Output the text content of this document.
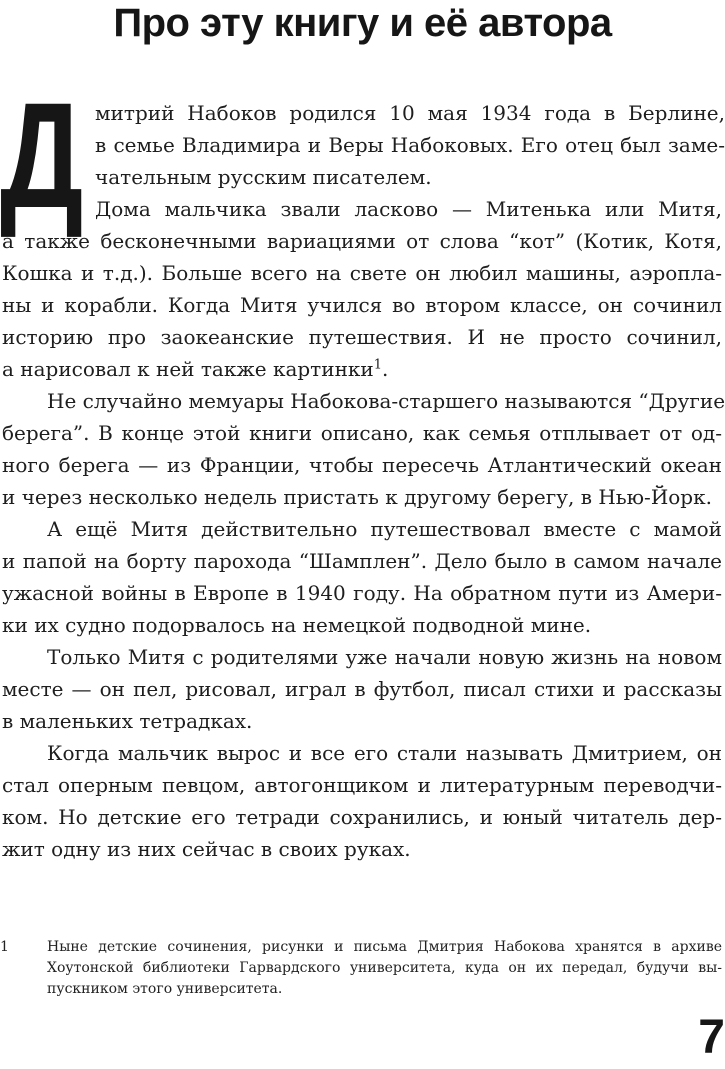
Про эту книгу и её автора
Д митрий Набоков родился 10 мая 1934 года в Берлине,
в семье Владимира и Веры Набоковых. Его отец был заме-
чательным русским писателем.
Дома мальчика звали ласково — Митенька или Митя,
а также бесконечными вариациями от слова “кот” (Котик, Котя,
Кошка и т.д.). Больше всего на свете он любил машины, аэропла-
ны и корабли. Когда Митя учился во втором классе, он сочинил
историю про заокеанские путешествия. И не просто сочинил,
а нарисовал к ней также картинки$^1$.
Не случайно мемуары Набокова-старшего называются “Другие
берега”. В конце этой книги описано, как семья отплывает от од-
ного берега — из Франции, чтобы пересечь Атлантический океан
и через несколько недель пристать к другому берегу, в Нью-Йорк.
А ещё Митя действительно путешествовал вместе с мамой
и папой на борту парохода “Шамплен”. Дело было в самом начале
ужасной войны в Европе в 1940 году. На обратном пути из Амери-
ки их судно подорвалось на немецкой подводной мине.
Только Митя с родителями уже начали новую жизнь на новом
месте — он пел, рисовал, играл в футбол, писал стихи и рассказы
в маленьких тетрадках.
Когда мальчик вырос и все его стали называть Дмитрием, он
стал оперным певцом, автогонщиком и литературным переводчи-
ком. Но детские его тетради сохранились, и юный читатель дер-
жит одну из них сейчас в своих руках.
1	Ныне детские сочинения, рисунки и письма Дмитрия Набокова хранятся в архиве
Хоутонской библиотеки Гарвардского университета, куда он их передал, будучи вы-
пускником этого университета.
7
